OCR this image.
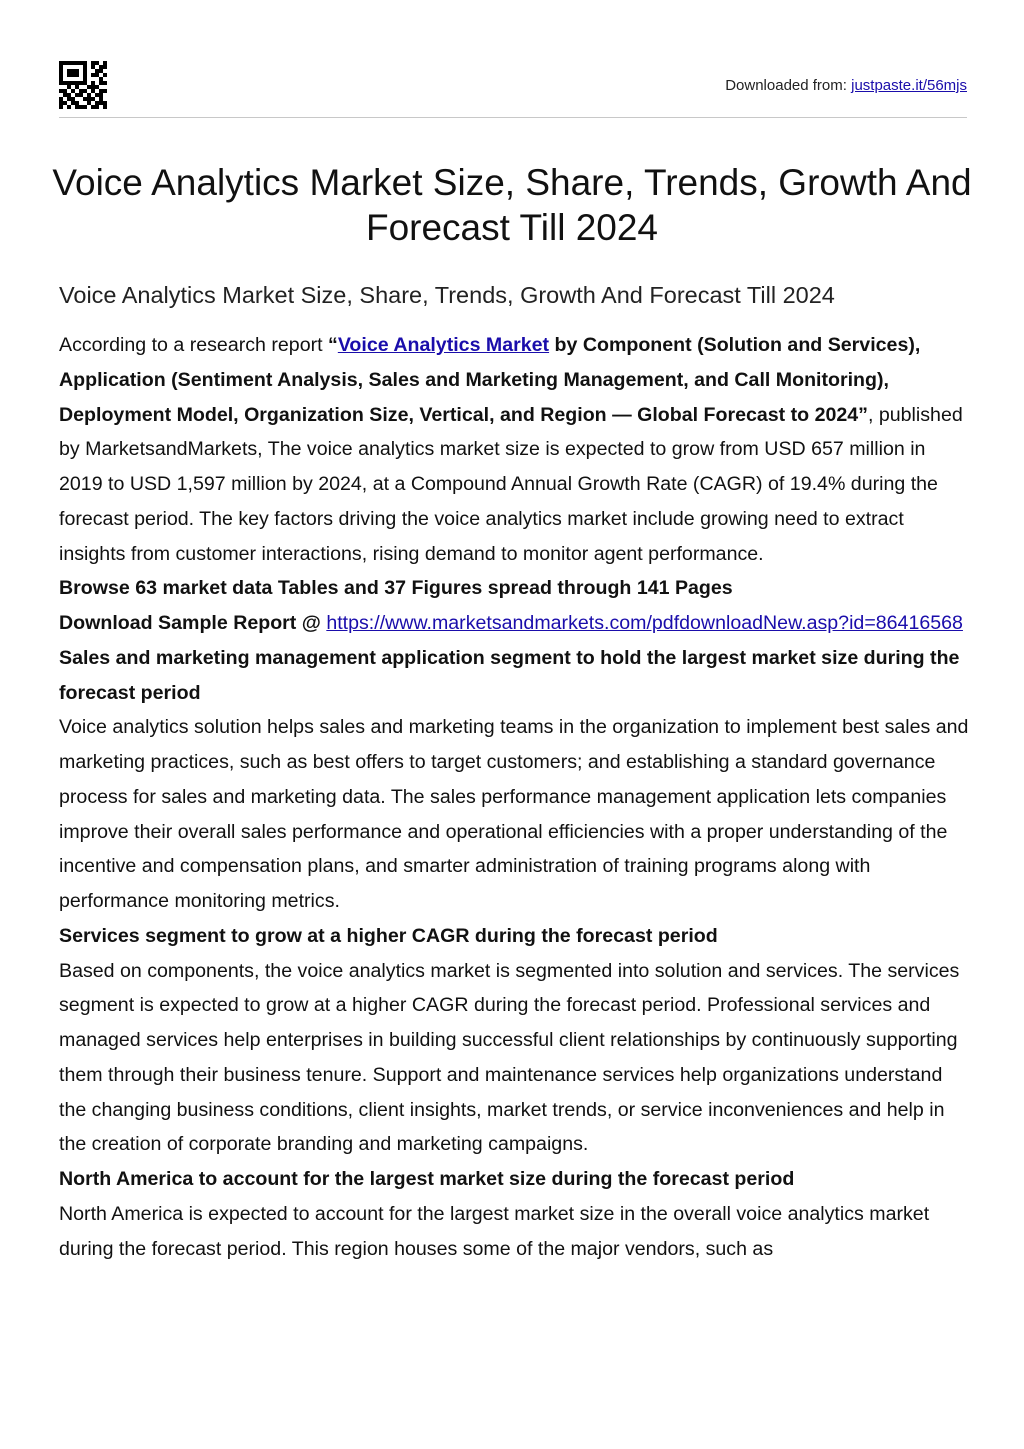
Downloaded from: justpaste.it/56mjs
Voice Analytics Market Size, Share, Trends, Growth And Forecast Till 2024
Voice Analytics Market Size, Share, Trends, Growth And Forecast Till 2024

According to a research report “Voice Analytics Market by Component (Solution and Services), Application (Sentiment Analysis, Sales and Marketing Management, and Call Monitoring), Deployment Model, Organization Size, Vertical, and Region — Global Forecast to 2024”, published by MarketsandMarkets, The voice analytics market size is expected to grow from USD 657 million in 2019 to USD 1,597 million by 2024, at a Compound Annual Growth Rate (CAGR) of 19.4% during the forecast period. The key factors driving the voice analytics market include growing need to extract insights from customer interactions, rising demand to monitor agent performance.

Browse 63 market data Tables and 37 Figures spread through 141 Pages

Download Sample Report @ https://www.marketsandmarkets.com/pdfdownloadNew.asp?id=86416568

Sales and marketing management application segment to hold the largest market size during the forecast period

Voice analytics solution helps sales and marketing teams in the organization to implement best sales and marketing practices, such as best offers to target customers; and establishing a standard governance process for sales and marketing data. The sales performance management application lets companies improve their overall sales performance and operational efficiencies with a proper understanding of the incentive and compensation plans, and smarter administration of training programs along with performance monitoring metrics.

Services segment to grow at a higher CAGR during the forecast period

Based on components, the voice analytics market is segmented into solution and services. The services segment is expected to grow at a higher CAGR during the forecast period. Professional services and managed services help enterprises in building successful client relationships by continuously supporting them through their business tenure. Support and maintenance services help organizations understand the changing business conditions, client insights, market trends, or service inconveniences and help in the creation of corporate branding and marketing campaigns.

North America to account for the largest market size during the forecast period

North America is expected to account for the largest market size in the overall voice analytics market during the forecast period. This region houses some of the major vendors, such as
